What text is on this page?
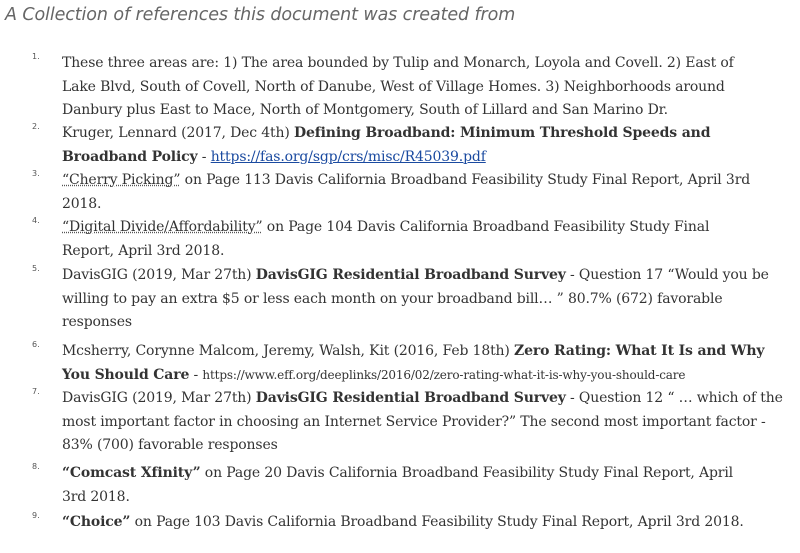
A Collection of references this document was created from
1. These three areas are: 1) The area bounded by Tulip and Monarch, Loyola and Covell. 2) East of
Lake Blvd, South of Covell, North of Danube, West of Village Homes. 3) Neighborhoods around
Danbury plus East to Mace, North of Montgomery, South of Lillard and San Marino Dr.
2. Kruger, Lennard (2017, Dec 4th) Defining Broadband: Minimum Threshold Speeds and
Broadband Policy - https://fas.org/sgp/crs/misc/R45039.pdf
3. “Cherry Picking” on Page 113 Davis California Broadband Feasibility Study Final Report, April 3rd
2018.
4. “Digital Divide/Affordability” on Page 104 Davis California Broadband Feasibility Study Final
Report, April 3rd 2018.
5. DavisGIG (2019, Mar 27th) DavisGIG Residential Broadband Survey - Question 17 “Would you be
willing to pay an extra $5 or less each month on your broadband bill… ” 80.7% (672) favorable
responses
6. Mcsherry, Corynne Malcom, Jeremy, Walsh, Kit (2016, Feb 18th) Zero Rating: What It Is and Why
You Should Care - https://www.eff.org/deeplinks/2016/02/zero-rating-what-it-is-why-you-should-care
7. DavisGIG (2019, Mar 27th) DavisGIG Residential Broadband Survey - Question 12 “ … which of the
most important factor in choosing an Internet Service Provider?” The second most important factor -
83% (700) favorable responses
8. “Comcast Xfinity” on Page 20 Davis California Broadband Feasibility Study Final Report, April
3rd 2018.
9. “Choice” on Page 103 Davis California Broadband Feasibility Study Final Report, April 3rd 2018.
